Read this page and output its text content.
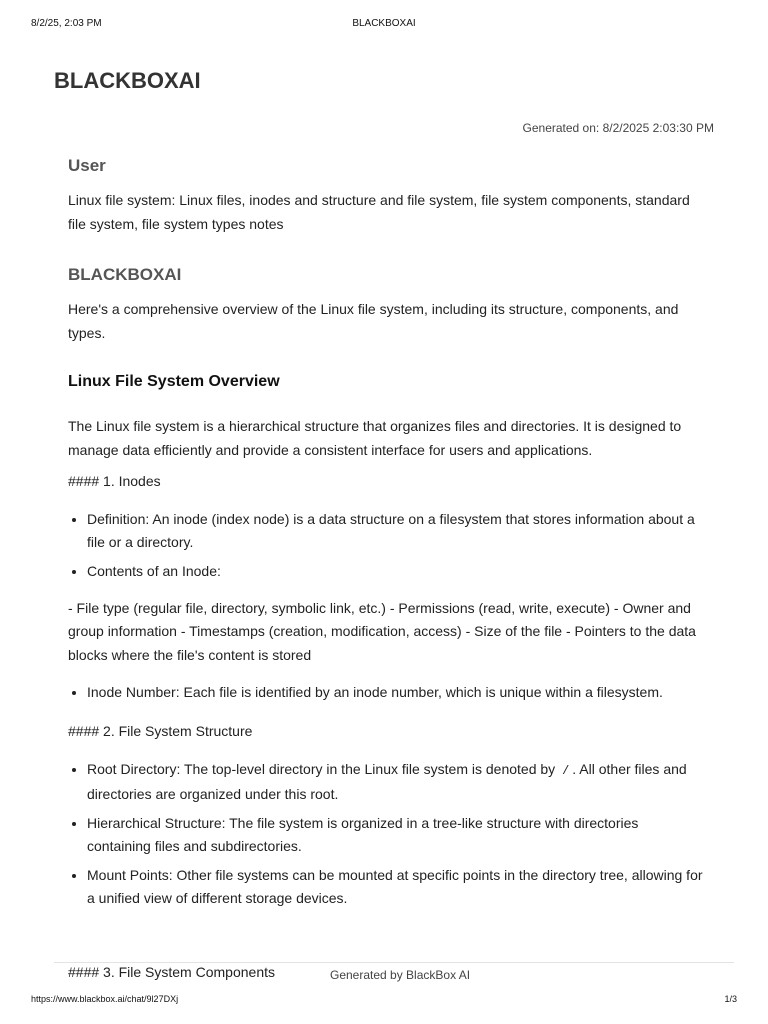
8/2/25, 2:03 PM	BLACKBOXAI
BLACKBOXAI
Generated on: 8/2/2025 2:03:30 PM
User

Linux file system: Linux files, inodes and structure and file system, file system components, standard file system, file system types notes

BLACKBOXAI

Here's a comprehensive overview of the Linux file system, including its structure, components, and types.

Linux File System Overview

The Linux file system is a hierarchical structure that organizes files and directories. It is designed to manage data efficiently and provide a consistent interface for users and applications.

#### 1. Inodes

• Definition: An inode (index node) is a data structure on a filesystem that stores information about a file or a directory.
• Contents of an Inode:

- File type (regular file, directory, symbolic link, etc.) - Permissions (read, write, execute) - Owner and group information - Timestamps (creation, modification, access) - Size of the file - Pointers to the data blocks where the file's content is stored

• Inode Number: Each file is identified by an inode number, which is unique within a filesystem.

#### 2. File System Structure

• Root Directory: The top-level directory in the Linux file system is denoted by / . All other files and directories are organized under this root.
• Hierarchical Structure: The file system is organized in a tree-like structure with directories containing files and subdirectories.
• Mount Points: Other file systems can be mounted at specific points in the directory tree, allowing for a unified view of different storage devices.

#### 3. File System Components	Generated by BlackBox AI
https://www.blackbox.ai/chat/9l27DXj	1/3
